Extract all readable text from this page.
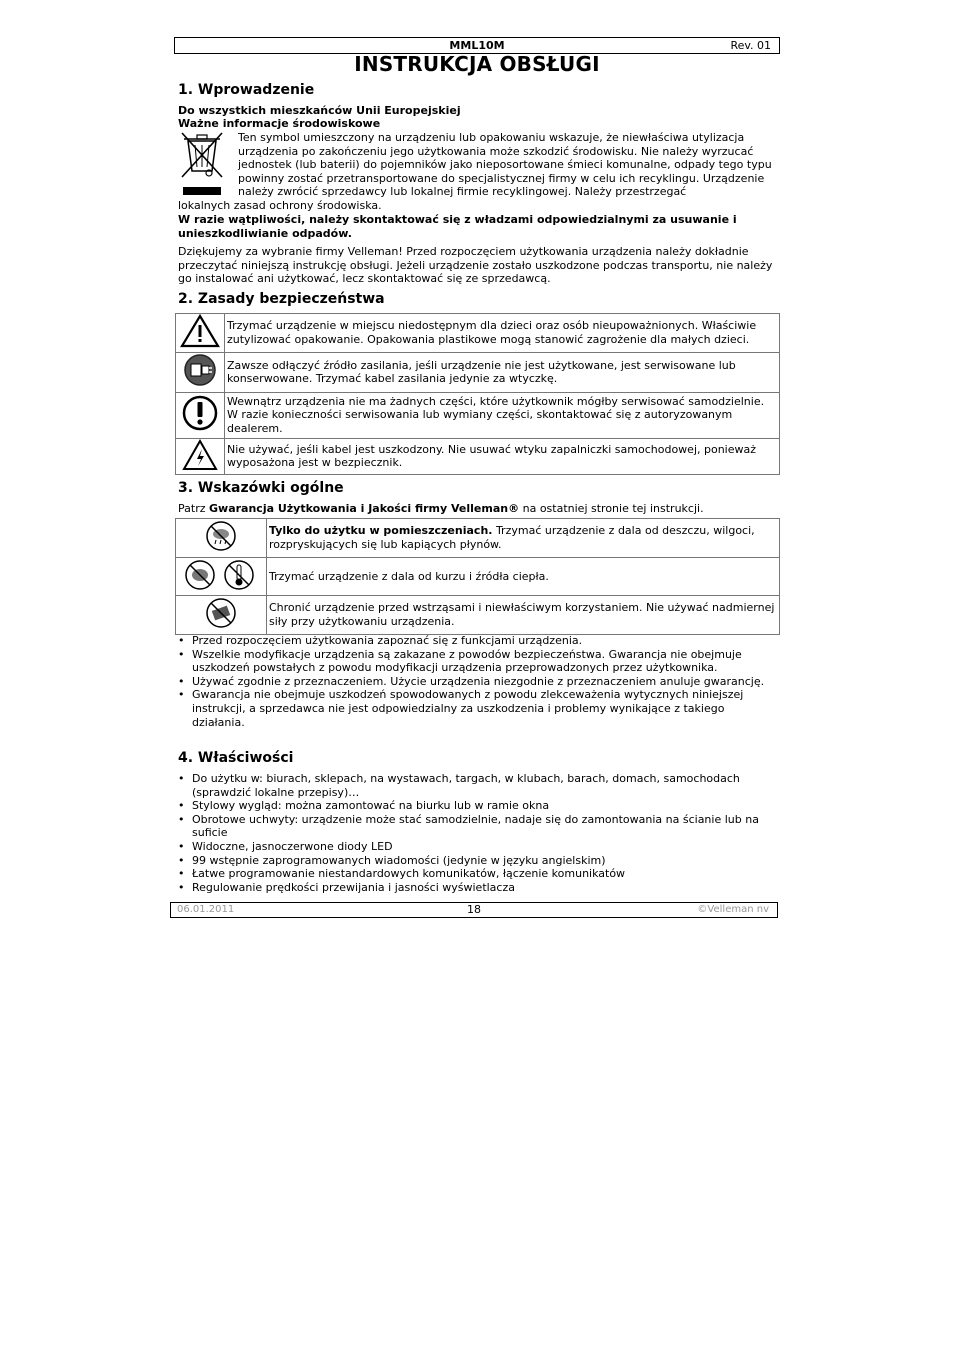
MML10M	Rev. 01
INSTRUKCJA OBSŁUGI
1. Wprowadzenie
Do wszystkich mieszkańców Unii Europejskiej
Ważne informacje środowiskowe
Ten symbol umieszczony na urządzeniu lub opakowaniu wskazuje, że niewłaściwa utylizacja urządzenia po zakończeniu jego użytkowania może szkodzić środowisku. Nie należy wyrzucać jednostek (lub baterii) do pojemników jako nieposortowane śmieci komunalne, odpady tego typu powinny zostać przetransportowane do specjalistycznej firmy w celu ich recyklingu. Urządzenie należy zwrócić sprzedawcy lub lokalnej firmie recyklingowej. Należy przestrzegać
lokalnych zasad ochrony środowiska.
W razie wątpliwości, należy skontaktować się z władzami odpowiedzialnymi za usuwanie i unieszkodliwianie odpadów.
Dziękujemy za wybranie firmy Velleman! Przed rozpoczęciem użytkowania urządzenia należy dokładnie przeczytać niniejszą instrukcję obsługi. Jeżeli urządzenie zostało uszkodzone podczas transportu, nie należy go instalować ani użytkować, lecz skontaktować się ze sprzedawcą.
2. Zasady bezpieczeństwa
	Trzymać urządzenie w miejscu niedostępnym dla dzieci oraz osób nieupoważnionych. Właściwie zutylizować opakowanie. Opakowania plastikowe mogą stanowić zagrożenie dla małych dzieci.
	Zawsze odłączyć źródło zasilania, jeśli urządzenie nie jest użytkowane, jest serwisowane lub konserwowane. Trzymać kabel zasilania jedynie za wtyczkę.
	Wewnątrz urządzenia nie ma żadnych części, które użytkownik mógłby serwisować samodzielnie. W razie konieczności serwisowania lub wymiany części, skontaktować się z autoryzowanym dealerem.
	Nie używać, jeśli kabel jest uszkodzony. Nie usuwać wtyku zapalniczki samochodowej, ponieważ wyposażona jest w bezpiecznik.
3. Wskazówki ogólne
Patrz Gwarancja Użytkowania i Jakości firmy Velleman® na ostatniej stronie tej instrukcji.
	Tylko do użytku w pomieszczeniach. Trzymać urządzenie z dala od deszczu, wilgoci, rozpryskujących się lub kapiących płynów.
	Trzymać urządzenie z dala od kurzu i źródła ciepła.
	Chronić urządzenie przed wstrząsami i niewłaściwym korzystaniem. Nie używać nadmiernej siły przy użytkowaniu urządzenia.
• Przed rozpoczęciem użytkowania zapoznać się z funkcjami urządzenia.
• Wszelkie modyfikacje urządzenia są zakazane z powodów bezpieczeństwa. Gwarancja nie obejmuje uszkodzeń powstałych z powodu modyfikacji urządzenia przeprowadzonych przez użytkownika.
• Używać zgodnie z przeznaczeniem. Użycie urządzenia niezgodnie z przeznaczeniem anuluje gwarancję.
• Gwarancja nie obejmuje uszkodzeń spowodowanych z powodu zlekceważenia wytycznych niniejszej instrukcji, a sprzedawca nie jest odpowiedzialny za uszkodzenia i problemy wynikające z takiego działania.
4. Właściwości
• Do użytku w: biurach, sklepach, na wystawach, targach, w klubach, barach, domach, samochodach (sprawdzić lokalne przepisy)…
• Stylowy wygląd: można zamontować na biurku lub w ramie okna
• Obrotowe uchwyty: urządzenie może stać samodzielnie, nadaje się do zamontowania na ścianie lub na suficie
• Widoczne, jasnoczerwone diody LED
• 99 wstępnie zaprogramowanych wiadomości (jedynie w języku angielskim)
• Łatwe programowanie niestandardowych komunikatów, łączenie komunikatów
• Regulowanie prędkości przewijania i jasności wyświetlacza
06.01.2011	18	©Velleman nv
